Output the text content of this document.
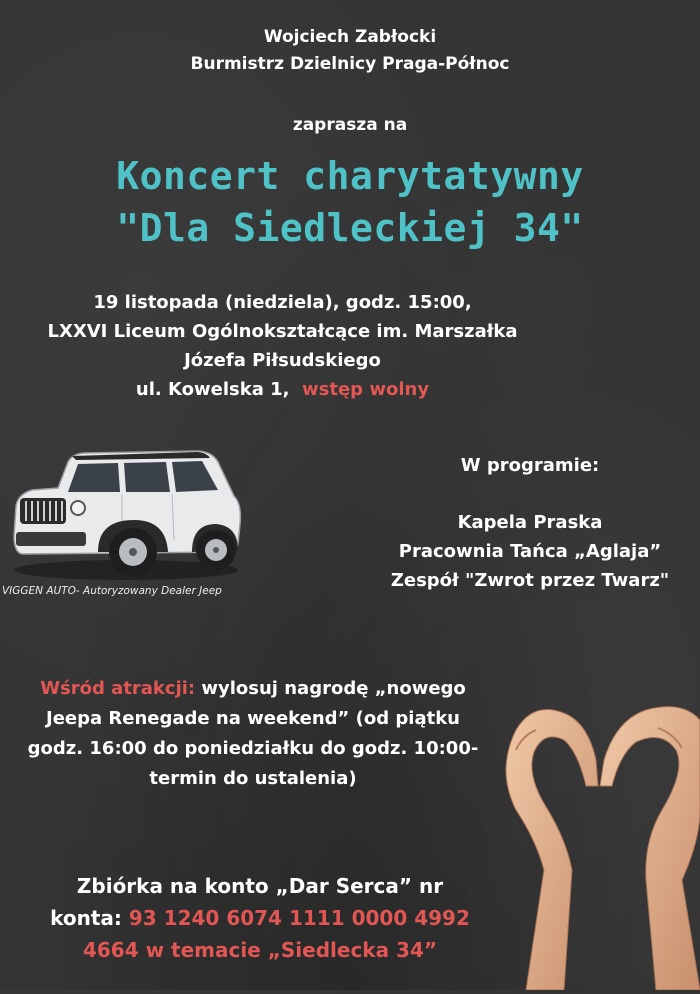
Wojciech Zabłocki
Burmistrz Dzielnicy Praga-Północ
zaprasza na
Koncert charytatywny
"Dla Siedleckiej 34"
19 listopada (niedziela), godz. 15:00,
LXXVI Liceum Ogólnokształcące im. Marszałka
Józefa Piłsudskiego
ul. Kowelska 1, wstęp wolny
VIGGEN AUTO- Autoryzowany Dealer Jeep
W programie:
Kapela Praska
Pracownia Tańca „Aglaja”
Zespół "Zwrot przez Twarz"
Wśród atrakcji: wylosuj nagrodę „nowego
Jeepa Renegade na weekend” (od piątku
godz. 16:00 do poniedziałku do godz. 10:00-
termin do ustalenia)
Zbiórka na konto „Dar Serca” nr
konta: 93 1240 6074 1111 0000 4992
4664 w temacie „Siedlecka 34”
